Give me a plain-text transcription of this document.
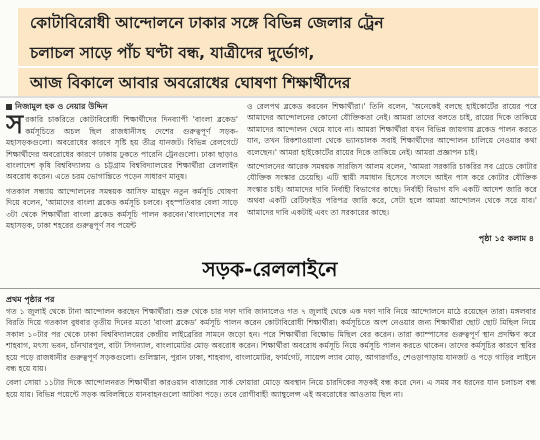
কোটাবিরোধী আন্দোলনে ঢাকার সঙ্গে বিভিন্ন জেলার ট্রেন
চলাচল সাড়ে পাঁচ ঘণ্টা বন্ধ, যাত্রীদের দুর্ভোগ,
আজ বিকালে আবার অবরোধের ঘোষণা শিক্ষার্থীদের
নিজামুল হক ও নেয়ার উদ্দিন

সরকারি চাকরিতে কোটাবিরোধী শিক্ষার্থীদের দিনব্যাপী 'বাংলা ব্লকেড' কর্মসূচিতে অচল ছিল রাজধানীসহ দেশের গুরুত্বপূর্ণ সড়ক-মহাসড়কগুলো। অবরোধের কারণে সৃষ্টি হয় তীব্র যানজট। বিভিন্ন রেলগেটে শিক্ষার্থীদের অবরোধের কারণে ঢাকায় ঢুকতে পারেনি ট্রেনগুলো। ঢাকা ছাড়াও বাংলাদেশ কৃষি বিশ্ববিদ্যালয় ও চট্টগ্রাম বিশ্ববিদ্যালয়ের শিক্ষার্থীরা রেললাইন অবরোধ করেন। এতে চরম ভোগান্তিতে পড়েন সাধারণ মানুষ।

গতকাল সন্ধ্যায় আন্দোলনের সমন্বয়ক আসিফ মাহমুদ নতুন কর্মসূচি ঘোষণা দিয়ে বলেন, 'আমাদের বাংলা ব্লকেড কর্মসূচি চলবে। বৃহস্পতিবার বেলা সাড়ে ৩টা থেকে শিক্ষার্থীরা বাংলা ব্লকেড কর্মসূচি পালন করবেন।'বাংলাদেশের সব মহাসড়ক, ঢাকা শহরের গুরুত্বপূর্ণ সব পয়েন্ট

ও রেলপথ ব্লকেড করবেন শিক্ষার্থীরা।' তিনি বলেন, 'অনেকেই বলছে হাইকোর্টের রায়ের পরে আমাদের আন্দোলনের কোনো যৌক্তিকতা নেই। আমরা তাদের বলতে চাই, রায়ের দিকে তাকিয়ে আমাদের আন্দোলন থেমে যাবে না। আমরা শিক্ষার্থীরা যখন বিভিন্ন জায়গায় ব্লকেড পালন করতে যান, তখন রিকশাওয়ালা থেকে ভ্যানচালক সবাই শিক্ষার্থীদের আন্দোলন চালিয়ে নেওয়ার কথা বলেছেন।' আমরা হাইকোর্টের রায়ের দিকে তাকিয়ে নেই। আমরা প্রজ্ঞাপন চাই।

আন্দোলনের আরেক সমন্বয়ক সারজিস আলম বলেন, 'আমরা সরকারি চাকরির সব গ্রেডে কোটার যৌক্তিক সংস্কার চেয়েছি। এটি স্থায়ী সমাধান হিসেবে সংসদে আইন পাস করে কোটার যৌক্তিক সংস্কার চাই। আমাদের দাবি নির্বাহী বিভাগের কাছে। নির্বাহী বিভাগ যদি একটি আদেশ জারি করে অথবা একটি রেটিফাইড পরিপত্র জারি করে, সেটা হলে আমরা আন্দোলন থেকে সরে যাব।' আমাদের দাবি একটাই এবং তা সরকারের কাছে।

পৃষ্ঠা ১৫ কলাম ৪
সড়ক-রেললাইনে
প্রথম পৃষ্ঠার পর

গত ১ জুলাই থেকে টানা আন্দোলন করছেন শিক্ষার্থীরা। শুরু থেকে চার দফা দাবি জানালেও গত ৭ জুলাই থেকে এক দফা দাবি নিয়ে আন্দোলনে মাঠে রয়েছেন তারা। মঙ্গলবার বিরতি দিয়ে গতকাল বুধবার তৃতীয় দিনের মতো 'বাংলা ব্লকেড' কর্মসূচি পালন করেন কোটাবিরোধী শিক্ষার্থীরা। কর্মসূচিতে অংশ নেওয়ার জন্য শিক্ষার্থীরা ছোট ছোট মিছিল নিয়ে সকাল ১০টার পর থেকে ঢাকা বিশ্ববিদ্যালয়ের কেন্দ্রীয় লাইব্রেরির সামনে জড়ো হন। পরে শিক্ষার্থীরা বিক্ষোভ মিছিল বের করেন। তারা ক্যাম্পাসের গুরুত্বপূর্ণ স্থান প্রদক্ষিণ করে শাহবাগ, মৎস্য ভবন, চাঁনখারপুল, বাটা সিগন্যাল, বাংলামোটর মোড় অবরোধ করেন। শিক্ষার্থীরা অবরোধ কর্মসূচি নিয়ে কর্মসূচি পালন করতে থাকেন। তাদের কর্মসূচির কারণে স্থবির হয়ে পড়ে রাজধানীর গুরুত্বপূর্ণ সড়কগুলো। গুলিস্তান, পুরান ঢাকা, শাহবাগ, বাংলামোটর, ফার্মগেট, সায়েন্স ল্যাব মোড়, আগারগাঁও, শেওড়াপাড়ায় যানজট ও পড়ে গাড়ির লাইনে বন্ধ হয়ে যায়।

বেলা সোয়া ১১টার দিকে আন্দোলনরত শিক্ষার্থীরা কারওয়ান বাজারের সার্ক ফোয়ারা মোড়ে অবস্থান নিয়ে চারদিকের সড়কই বন্ধ করে দেন। এ সময় সব ধরনের যান চলাচল বন্ধ হয়ে যায়। বিভিন্ন পয়েন্টে সড়ক অবিলম্বিতে যানবাহনগুলো আটকা পড়ে। তবে রোগীবাহী অ্যাম্বুলেন্স এই অবরোধের আওতায় ছিল না।
